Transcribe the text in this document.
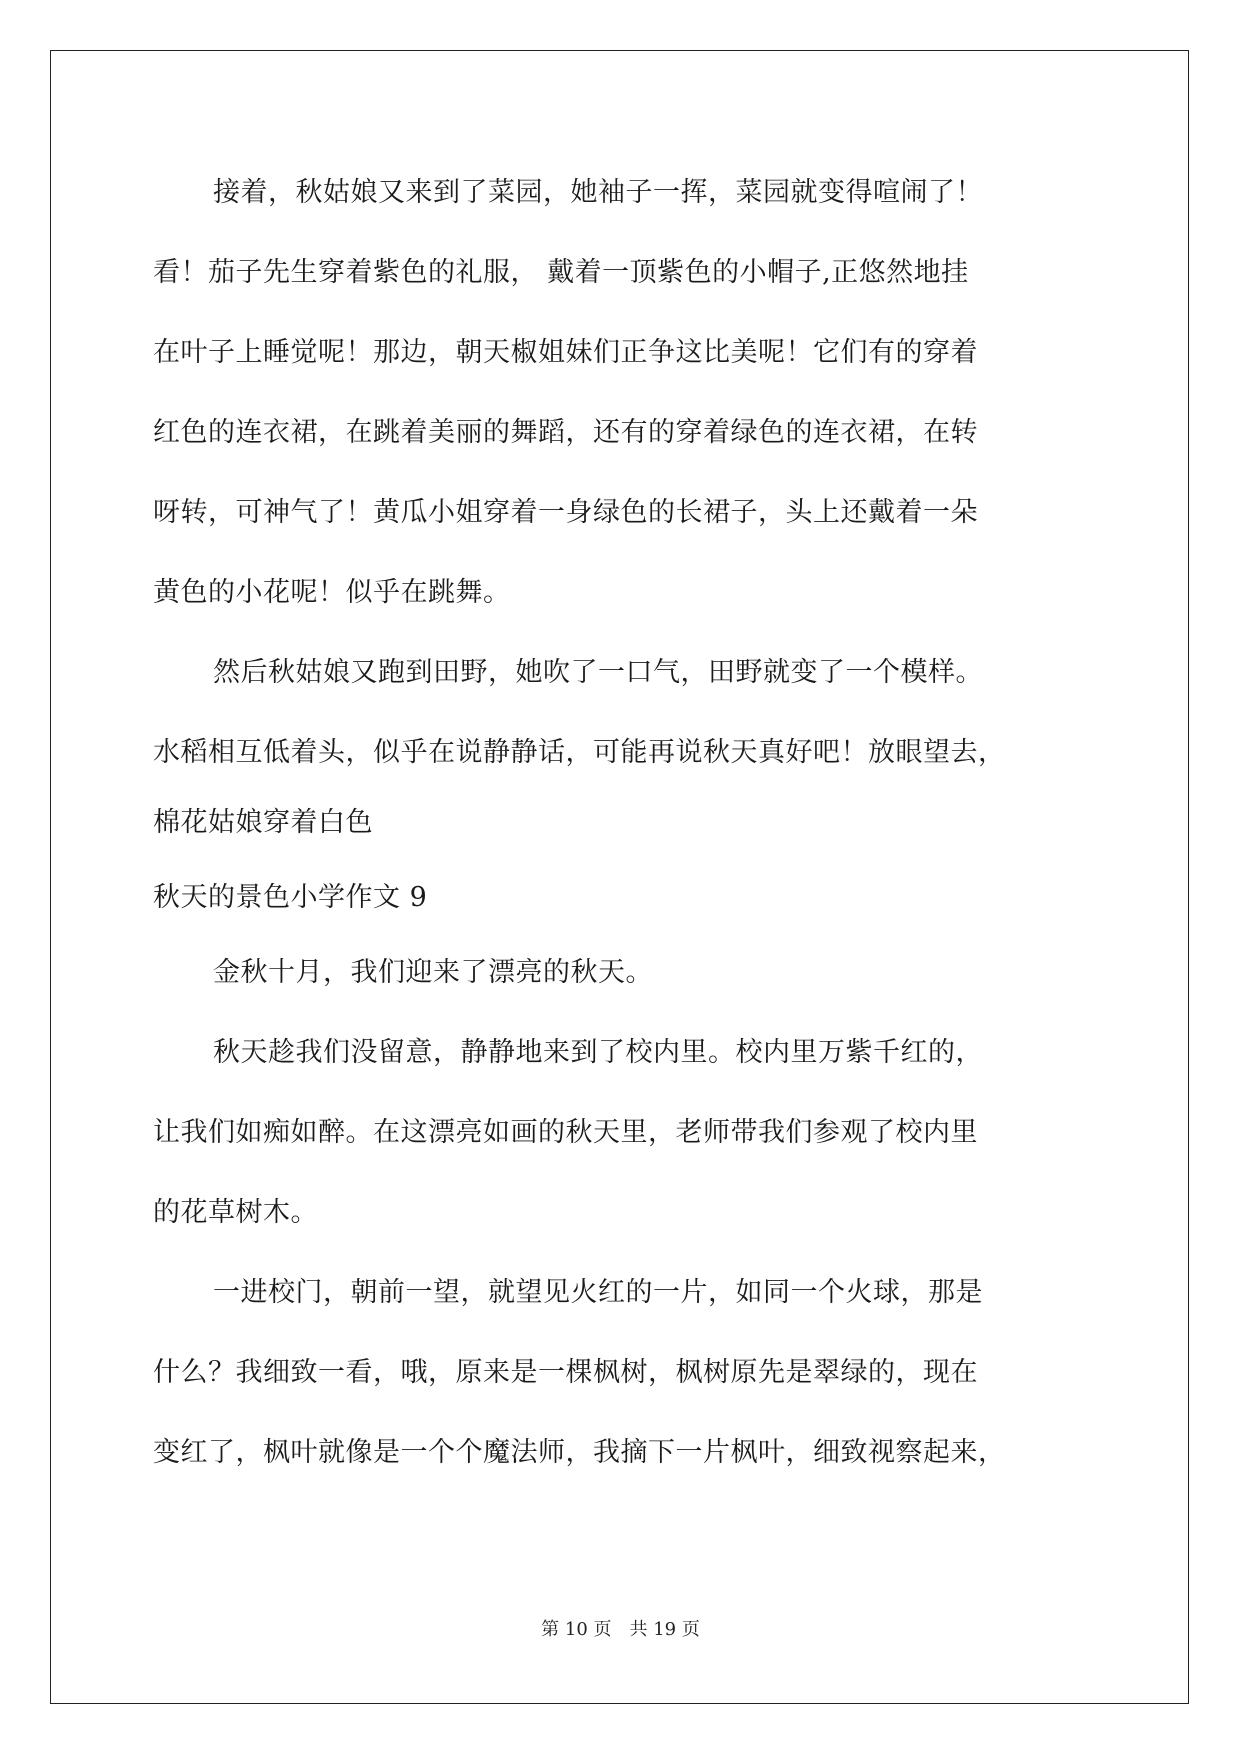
接着，秋姑娘又来到了菜园，她袖子一挥，菜园就变得喧闹了！
看！茄子先生穿着紫色的礼服， 戴着一顶紫色的小帽子,正悠然地挂
在叶子上睡觉呢！那边，朝天椒姐妹们正争这比美呢！它们有的穿着
红色的连衣裙，在跳着美丽的舞蹈，还有的穿着绿色的连衣裙，在转
呀转，可神气了！黄瓜小姐穿着一身绿色的长裙子，头上还戴着一朵
黄色的小花呢！似乎在跳舞。
然后秋姑娘又跑到田野，她吹了一口气，田野就变了一个模样。
水稻相互低着头，似乎在说静静话，可能再说秋天真好吧！放眼望去，
棉花姑娘穿着白色
秋天的景色小学作文 9
金秋十月，我们迎来了漂亮的秋天。
秋天趁我们没留意，静静地来到了校内里。校内里万紫千红的，
让我们如痴如醉。在这漂亮如画的秋天里，老师带我们参观了校内里
的花草树木。
一进校门，朝前一望，就望见火红的一片，如同一个火球，那是
什么？我细致一看，哦，原来是一棵枫树，枫树原先是翠绿的，现在
变红了，枫叶就像是一个个魔法师，我摘下一片枫叶，细致视察起来，
第 10 页　共 19 页
